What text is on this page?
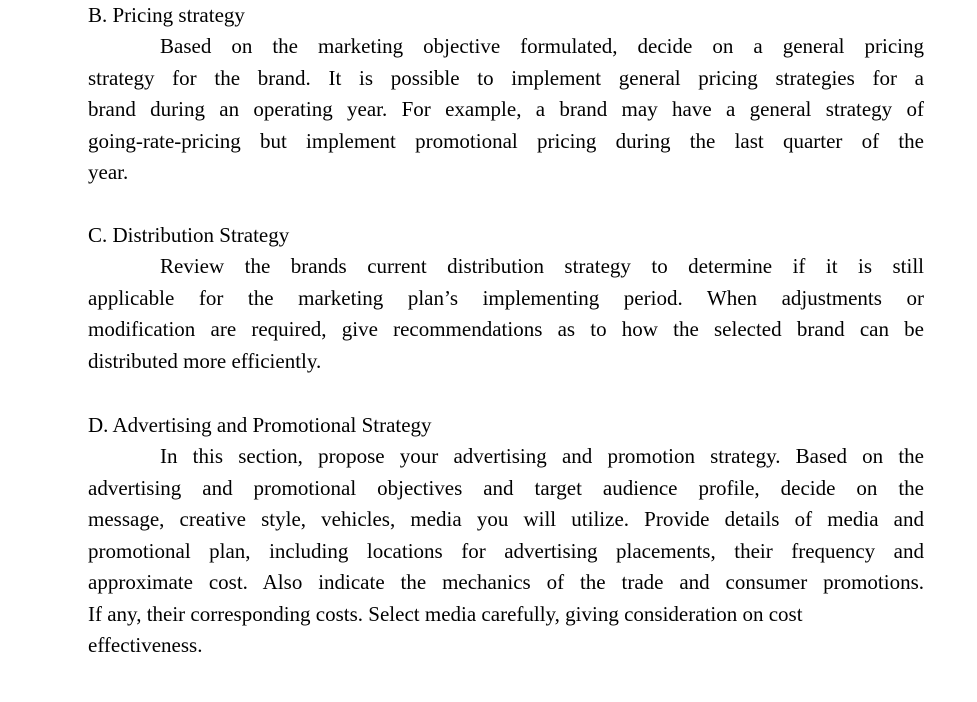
B. Pricing strategy
Based on the marketing objective formulated, decide on a general pricing
strategy for the brand. It is possible to implement general pricing strategies for a
brand during an operating year. For example, a brand may have a general strategy of
going-rate-pricing but implement promotional pricing during the last quarter of the
year.
C. Distribution Strategy
Review the brands current distribution strategy to determine if it is still
applicable for the marketing plan’s implementing period. When adjustments or
modification are required, give recommendations as to how the selected brand can be
distributed more efficiently.
D. Advertising and Promotional Strategy
In this section, propose your advertising and promotion strategy. Based on the
advertising and promotional objectives and target audience profile, decide on the
message, creative style, vehicles, media you will utilize. Provide details of media and
promotional plan, including locations for advertising placements, their frequency and
approximate cost. Also indicate the mechanics of the trade and consumer promotions.
If any, their corresponding costs. Select media carefully, giving consideration on cost
effectiveness.
